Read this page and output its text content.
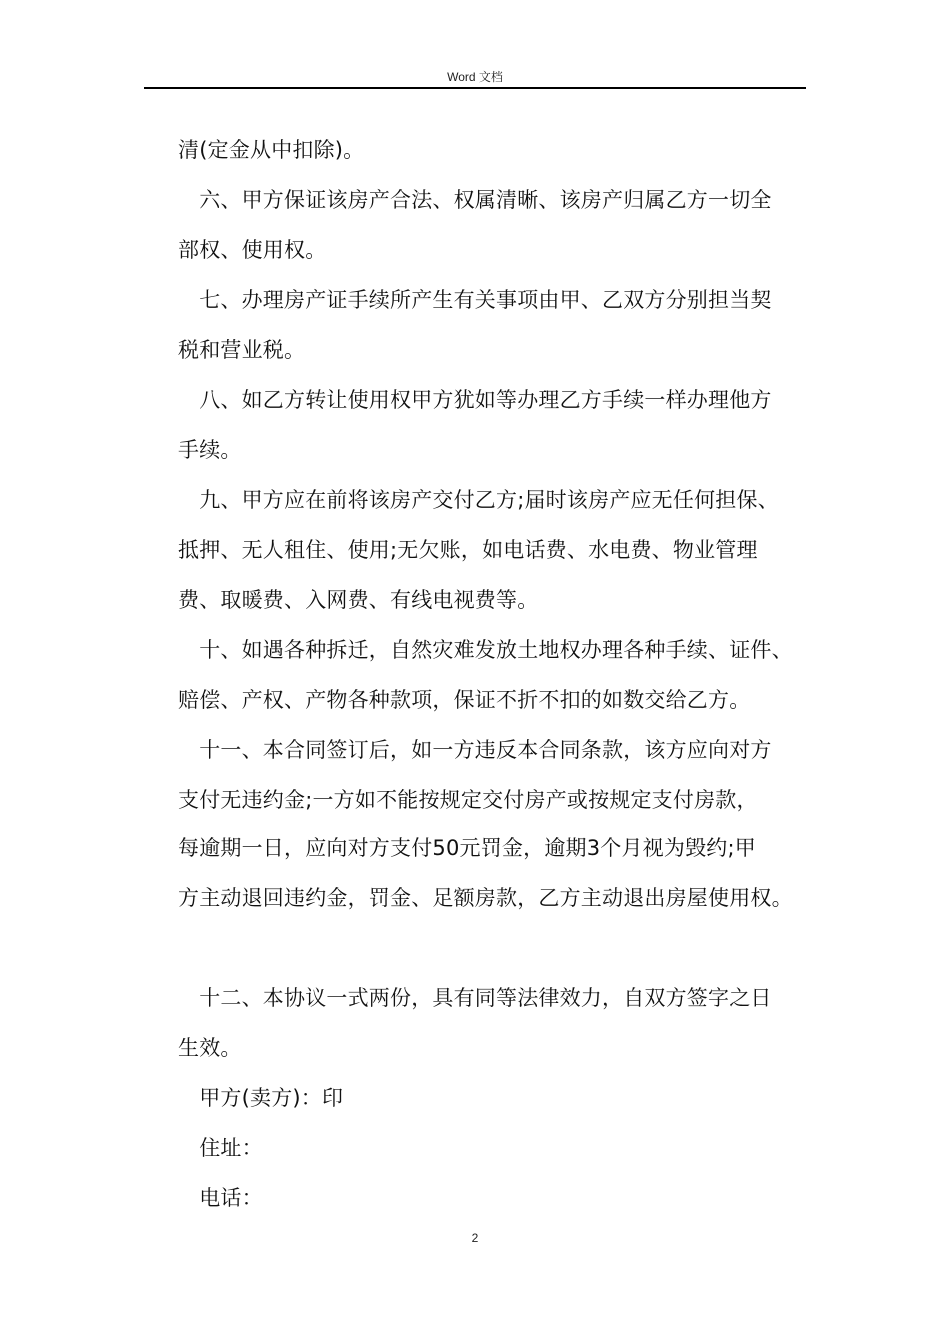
Word 文档
清(定金从中扣除)。
　六、甲方保证该房产合法、权属清晰、该房产归属乙方一切全
部权、使用权。
　七、办理房产证手续所产生有关事项由甲、乙双方分别担当契
税和营业税。
　八、如乙方转让使用权甲方犹如等办理乙方手续一样办理他方
手续。
　九、甲方应在前将该房产交付乙方;届时该房产应无任何担保、
抵押、无人租住、使用;无欠账，如电话费、水电费、物业管理
费、取暖费、入网费、有线电视费等。
　十、如遇各种拆迁，自然灾难发放土地权办理各种手续、证件、
赔偿、产权、产物各种款项，保证不折不扣的如数交给乙方。
　十一、本合同签订后，如一方违反本合同条款，该方应向对方
支付无违约金;一方如不能按规定交付房产或按规定支付房款，
每逾期一日，应向对方支付50元罚金，逾期3个月视为毁约;甲
方主动退回违约金，罚金、足额房款，乙方主动退出房屋使用权。
　十二、本协议一式两份，具有同等法律效力，自双方签字之日
生效。
　甲方(卖方)：印
　住址：
　电话：
2
